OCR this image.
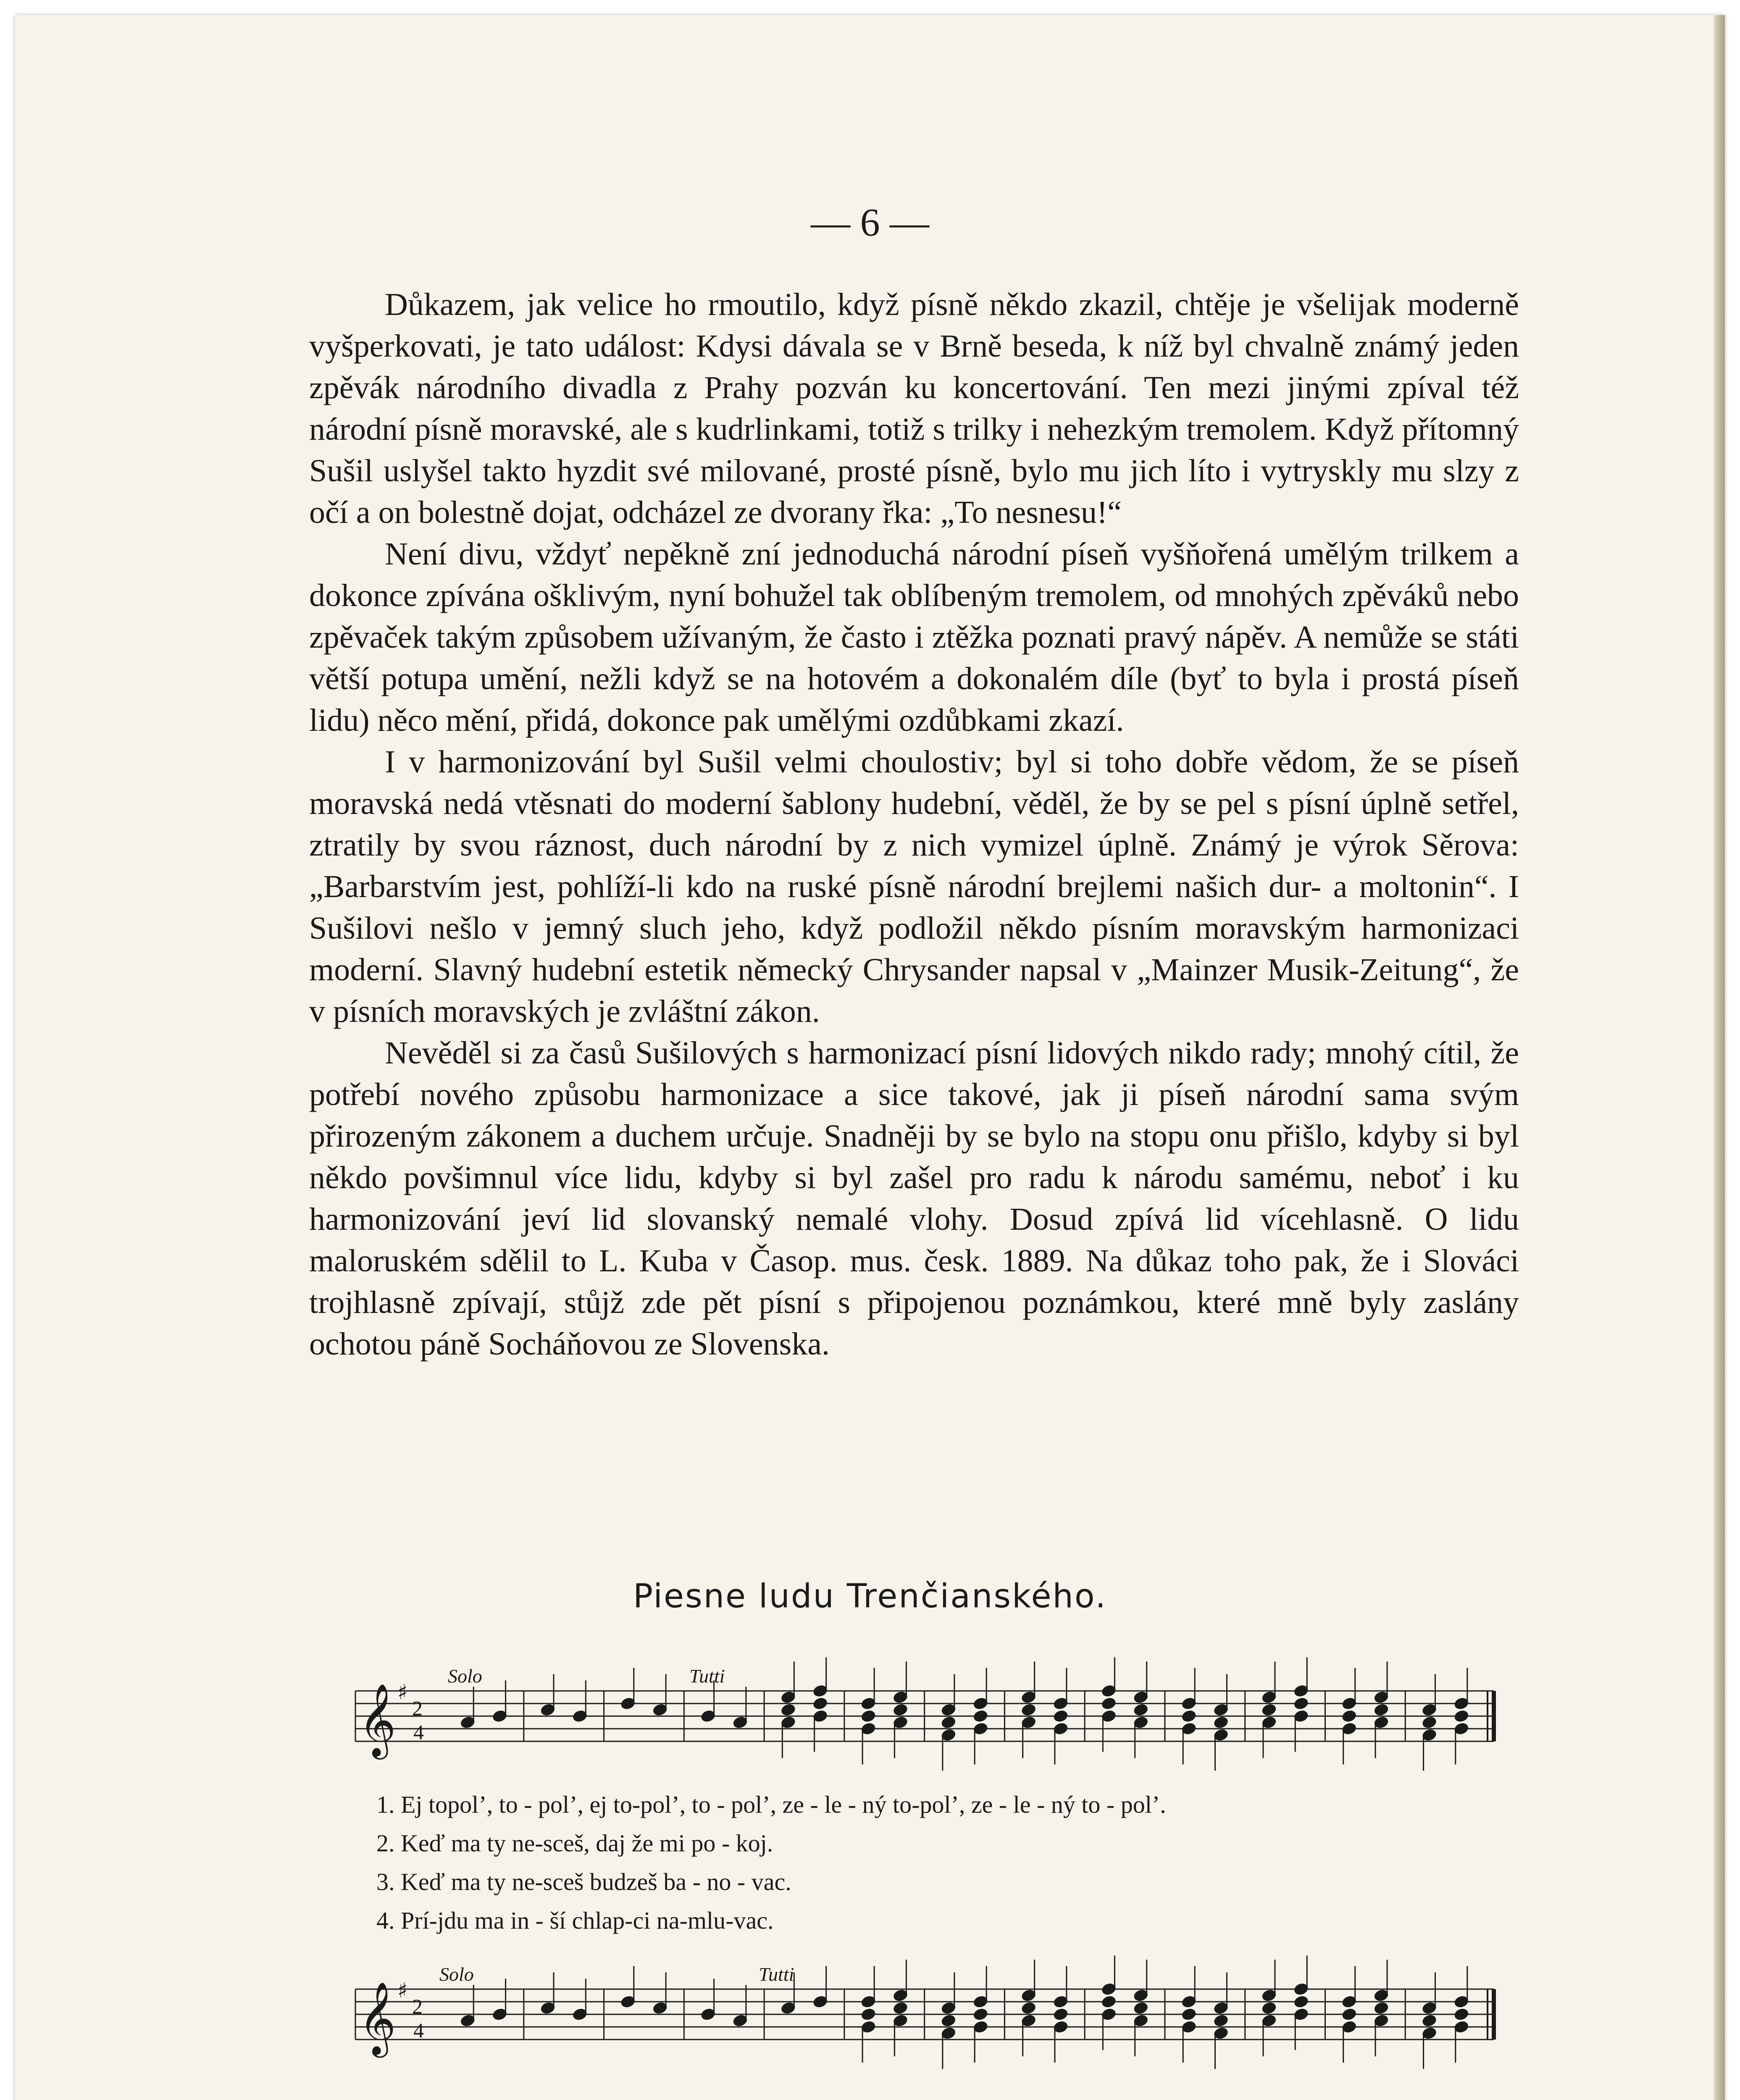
— 6 —

Důkazem, jak velice ho rmoutilo, když písně někdo zkazil, chtěje je všelijak moderně vyšperkovati, je tato událost: Kdysi dávala se v Brně beseda, k níž byl chvalně známý jeden zpěvák národního divadla z Prahy pozván ku koncertování. Ten mezi jinými zpíval též národní písně moravské, ale s kudrlinkami, totiž s trilky i nehezkým tremolem. Když přítomný Sušil uslyšel takto hyzdit své milované, prosté písně, bylo mu jich líto i vytryskly mu slzy z očí a on bolestně dojat, odcházel ze dvorany řka: „To nesnesu!“

Není divu, vždyť nepěkně zní jednoduchá národní píseň vyšňořená umělým trilkem a dokonce zpívána ošklivým, nyní bohužel tak oblíbeným tremolem, od mnohých zpěváků nebo zpěvaček takým způsobem užívaným, že často i ztěžka poznati pravý nápěv. A nemůže se státi větší potupa umění, nežli když se na hotovém a dokonalém díle (byť to byla i prostá píseň lidu) něco mění, přidá, dokonce pak umělými ozdůbkami zkazí.

I v harmonizování byl Sušil velmi choulostiv; byl si toho dobře vědom, že se píseň moravská nedá vtěsnati do moderní šablony hudební, věděl, že by se pel s písní úplně setřel, ztratily by svou ráznost, duch národní by z nich vymizel úplně. Známý je výrok Sěrova: „Barbarstvím jest, pohlíží-li kdo na ruské písně národní brejlemi našich dur- a moltonin“. I Sušilovi nešlo v jemný sluch jeho, když podložil někdo písním moravským harmonizaci moderní. Slavný hudební estetik německý Chrysander napsal v „Mainzer Musik-Zeitung“, že v písních moravských je zvláštní zákon.

Nevěděl si za časů Sušilových s harmonizací písní lidových nikdo rady; mnohý cítil, že potřebí nového způsobu harmonizace a sice takové, jak ji píseň národní sama svým přirozeným zákonem a duchem určuje. Snadněji by se bylo na stopu onu přišlo, kdyby si byl někdo povšimnul více lidu, kdyby si byl zašel pro radu k národu samému, neboť i ku harmonizování jeví lid slovanský nemalé vlohy. Dosud zpívá lid vícehlasně. O lidu maloruském sdělil to L. Kuba v Časop. mus. česk. 1889. Na důkaz toho pak, že i Slováci trojhlasně zpívají, stůjž zde pět písní s připojenou poznámkou, které mně byly zaslány ochotou páně Socháňovou ze Slovenska.

Piesne ludu Trenčianského.
𝄞 ♯
2
4
Solo	Tutti
1. Ej topol’, to - pol’, ej to-pol’, to - pol’, ze - le - ný to-pol’, ze - le - ný to - pol’.
2. Keď ma ty ne-sceš, daj že mi po - koj.
3. Keď ma ty ne-sceš budzeš ba - no - vac.
4. Prí-jdu ma in - ší chlap-ci na-mlu-vac.
𝄞 ♯
2
4
Solo	Tutti
